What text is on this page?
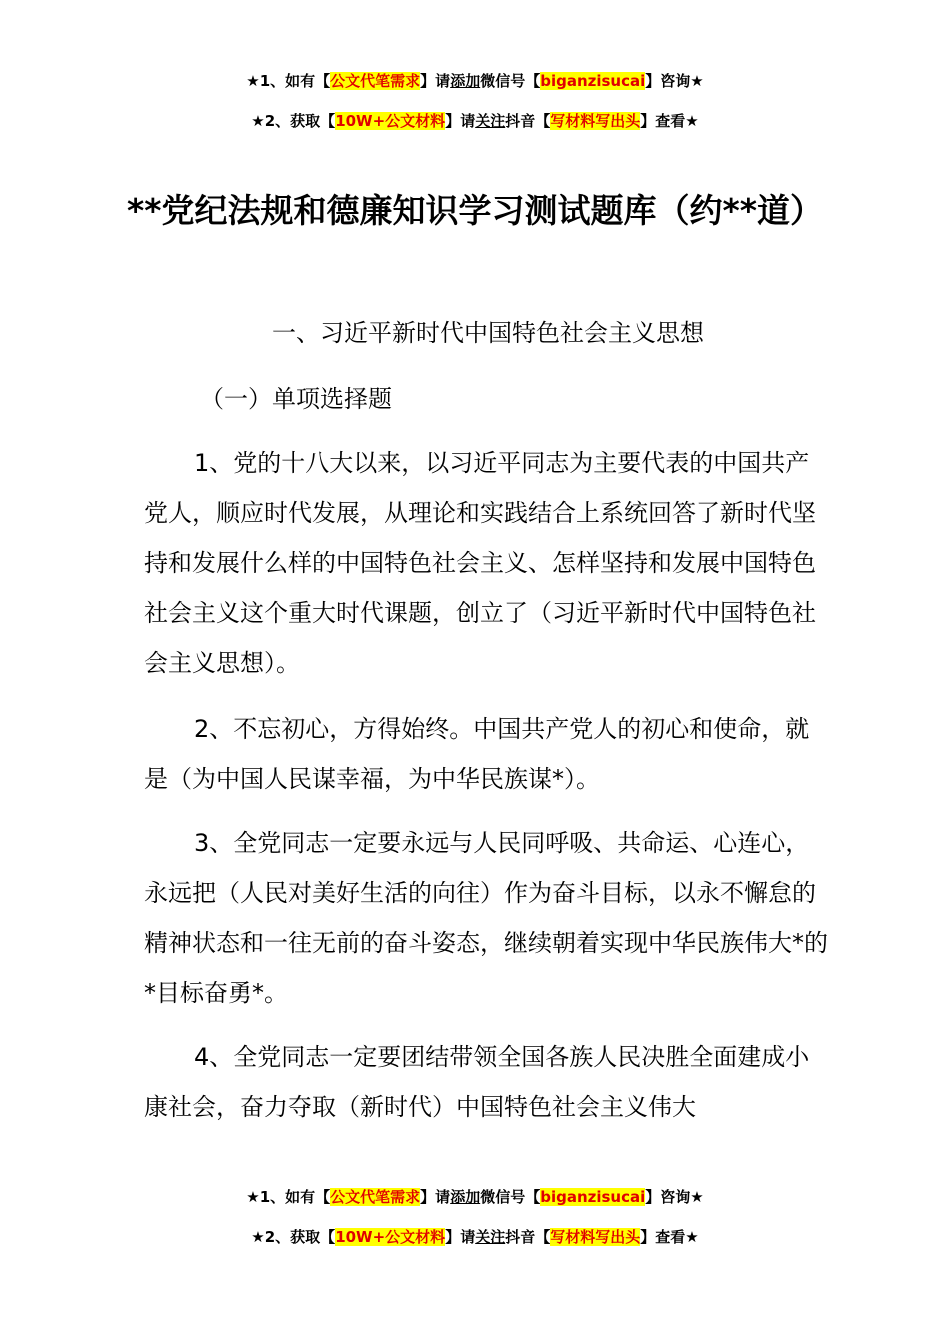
★1、如有【公文代笔需求】请添加微信号【biganzisucai】咨询★
★2、获取【10W+公文材料】请关注抖音【写材料写出头】查看★
**党纪法规和德廉知识学习测试题库（约**道）
一、习近平新时代中国特色社会主义思想
（一）单项选择题
1、党的十八大以来，以习近平同志为主要代表的中国共产党人，顺应时代发展，从理论和实践结合上系统回答了新时代坚持和发展什么样的中国特色社会主义、怎样坚持和发展中国特色社会主义这个重大时代课题，创立了（习近平新时代中国特色社会主义思想）。
2、不忘初心，方得始终。中国共产党人的初心和使命，就是（为中国人民谋幸福，为中华民族谋*）。
3、全党同志一定要永远与人民同呼吸、共命运、心连心，永远把（人民对美好生活的向往）作为奋斗目标，以永不懈怠的精神状态和一往无前的奋斗姿态，继续朝着实现中华民族伟大*的*目标奋勇*。
4、全党同志一定要团结带领全国各族人民决胜全面建成小康社会，奋力夺取（新时代）中国特色社会主义伟大
★1、如有【公文代笔需求】请添加微信号【biganzisucai】咨询★
★2、获取【10W+公文材料】请关注抖音【写材料写出头】查看★
